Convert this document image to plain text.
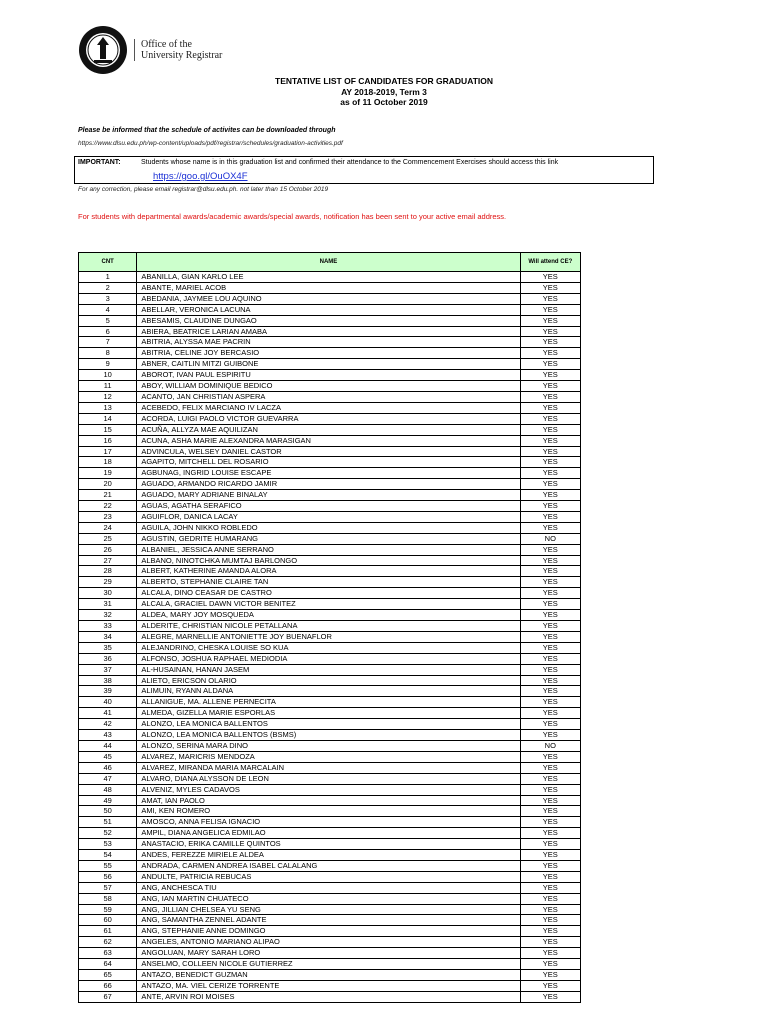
Office of the
University Registrar
TENTATIVE LIST OF CANDIDATES FOR GRADUATION
AY 2018-2019, Term 3
as of 11 October 2019
Please be informed that the schedule of activites can be downloaded through
https://www.dlsu.edu.ph/wp-content/uploads/pdf/registrar/schedules/graduation-activities.pdf
IMPORTANT:	Students whose name is in this graduation list and confirmed their attendance to the Commencement Exercises should access this link
https://goo.gl/OuOX4F
For any correction, please email registrar@dlsu.edu.ph. not later than 15 October 2019
For students with departmental awards/academic awards/special awards, notification has been sent to your active email address.
CNT	NAME	Will attend CE?
1	ABANILLA, GIAN KARLO LEE	YES
2	ABANTE, MARIEL ACOB	YES
3	ABEDANIA, JAYMEE LOU AQUINO	YES
4	ABELLAR, VERONICA LACUNA	YES
5	ABESAMIS, CLAUDINE DUNGAO	YES
6	ABIERA, BEATRICE LARIAN AMABA	YES
7	ABITRIA, ALYSSA MAE PACRIN	YES
8	ABITRIA, CELINE JOY BERCASIO	YES
9	ABNER, CAITLIN MITZI GUIBONE	YES
10	ABOROT, IVAN PAUL ESPIRITU	YES
11	ABOY, WILLIAM DOMINIQUE BEDICO	YES
12	ACANTO, JAN CHRISTIAN ASPERA	YES
13	ACEBEDO, FELIX MARCIANO IV LACZA	YES
14	ACORDA, LUIGI PAOLO VICTOR GUEVARRA	YES
15	ACUÑA, ALLYZA MAE AQUILIZAN	YES
16	ACUNA, ASHA MARIE ALEXANDRA MARASIGAN	YES
17	ADVINCULA, WELSEY DANIEL CASTOR	YES
18	AGAPITO, MITCHELL DEL ROSARIO	YES
19	AGBUNAG, INGRID LOUISE ESCAPE	YES
20	AGUADO, ARMANDO RICARDO JAMIR	YES
21	AGUADO, MARY ADRIANE BINALAY	YES
22	AGUAS, AGATHA SERAFICO	YES
23	AGUIFLOR, DANICA LACAY	YES
24	AGUILA, JOHN NIKKO ROBLEDO	YES
25	AGUSTIN, GEDRITE HUMARANG	NO
26	ALBANIEL, JESSICA ANNE SERRANO	YES
27	ALBANO, NINOTCHKA MUMTAJ BARLONGO	YES
28	ALBERT, KATHERINE AMANDA ALORA	YES
29	ALBERTO, STEPHANIE CLAIRE TAN	YES
30	ALCALA, DINO CEASAR DE CASTRO	YES
31	ALCALA, GRACIEL DAWN VICTOR BENITEZ	YES
32	ALDEA, MARY JOY MOSQUEDA	YES
33	ALDERITE, CHRISTIAN NICOLE PETALLANA	YES
34	ALEGRE, MARNELLIE ANTONIETTE JOY BUENAFLOR	YES
35	ALEJANDRINO, CHESKA LOUISE SO KUA	YES
36	ALFONSO, JOSHUA RAPHAEL MEDIODIA	YES
37	AL-HUSAINAN, HANAN JASEM	YES
38	ALIETO, ERICSON OLARIO	YES
39	ALIMUIN, RYANN ALDANA	YES
40	ALLANIGUE, MA. ALLENE PERNECITA	YES
41	ALMEDA, GIZELLA MARIE ESPORLAS	YES
42	ALONZO, LEA MONICA BALLENTOS	YES
43	ALONZO, LEA MONICA BALLENTOS (BSMS)	YES
44	ALONZO, SERINA MARA DINO	NO
45	ALVAREZ, MARICRIS MENDOZA	YES
46	ALVAREZ, MIRANDA MARIA MARCALAIN	YES
47	ALVARO, DIANA ALYSSON DE LEON	YES
48	ALVENIZ, MYLES CADAVOS	YES
49	AMAT, IAN PAOLO	YES
50	AMI, KEN ROMERO	YES
51	AMOSCO, ANNA FELISA IGNACIO	YES
52	AMPIL, DIANA ANGELICA EDMILAO	YES
53	ANASTACIO, ERIKA CAMILLE QUINTOS	YES
54	ANDES, FEREZZE MIRIELE ALDEA	YES
55	ANDRADA, CARMEN ANDREA ISABEL CALALANG	YES
56	ANDULTE, PATRICIA REBUCAS	YES
57	ANG, ANCHESCA TIU	YES
58	ANG, IAN MARTIN CHUATECO	YES
59	ANG, JILLIAN CHELSEA YU SENG	YES
60	ANG, SAMANTHA ZENNEL ADANTE	YES
61	ANG, STEPHANIE ANNE DOMINGO	YES
62	ANGELES, ANTONIO MARIANO ALIPAO	YES
63	ANGOLUAN, MARY SARAH LORO	YES
64	ANSELMO, COLLEEN NICOLE GUTIERREZ	YES
65	ANTAZO, BENEDICT GUZMAN	YES
66	ANTAZO, MA. VIEL CERIZE TORRENTE	YES
67	ANTE, ARVIN ROI MOISES	YES
